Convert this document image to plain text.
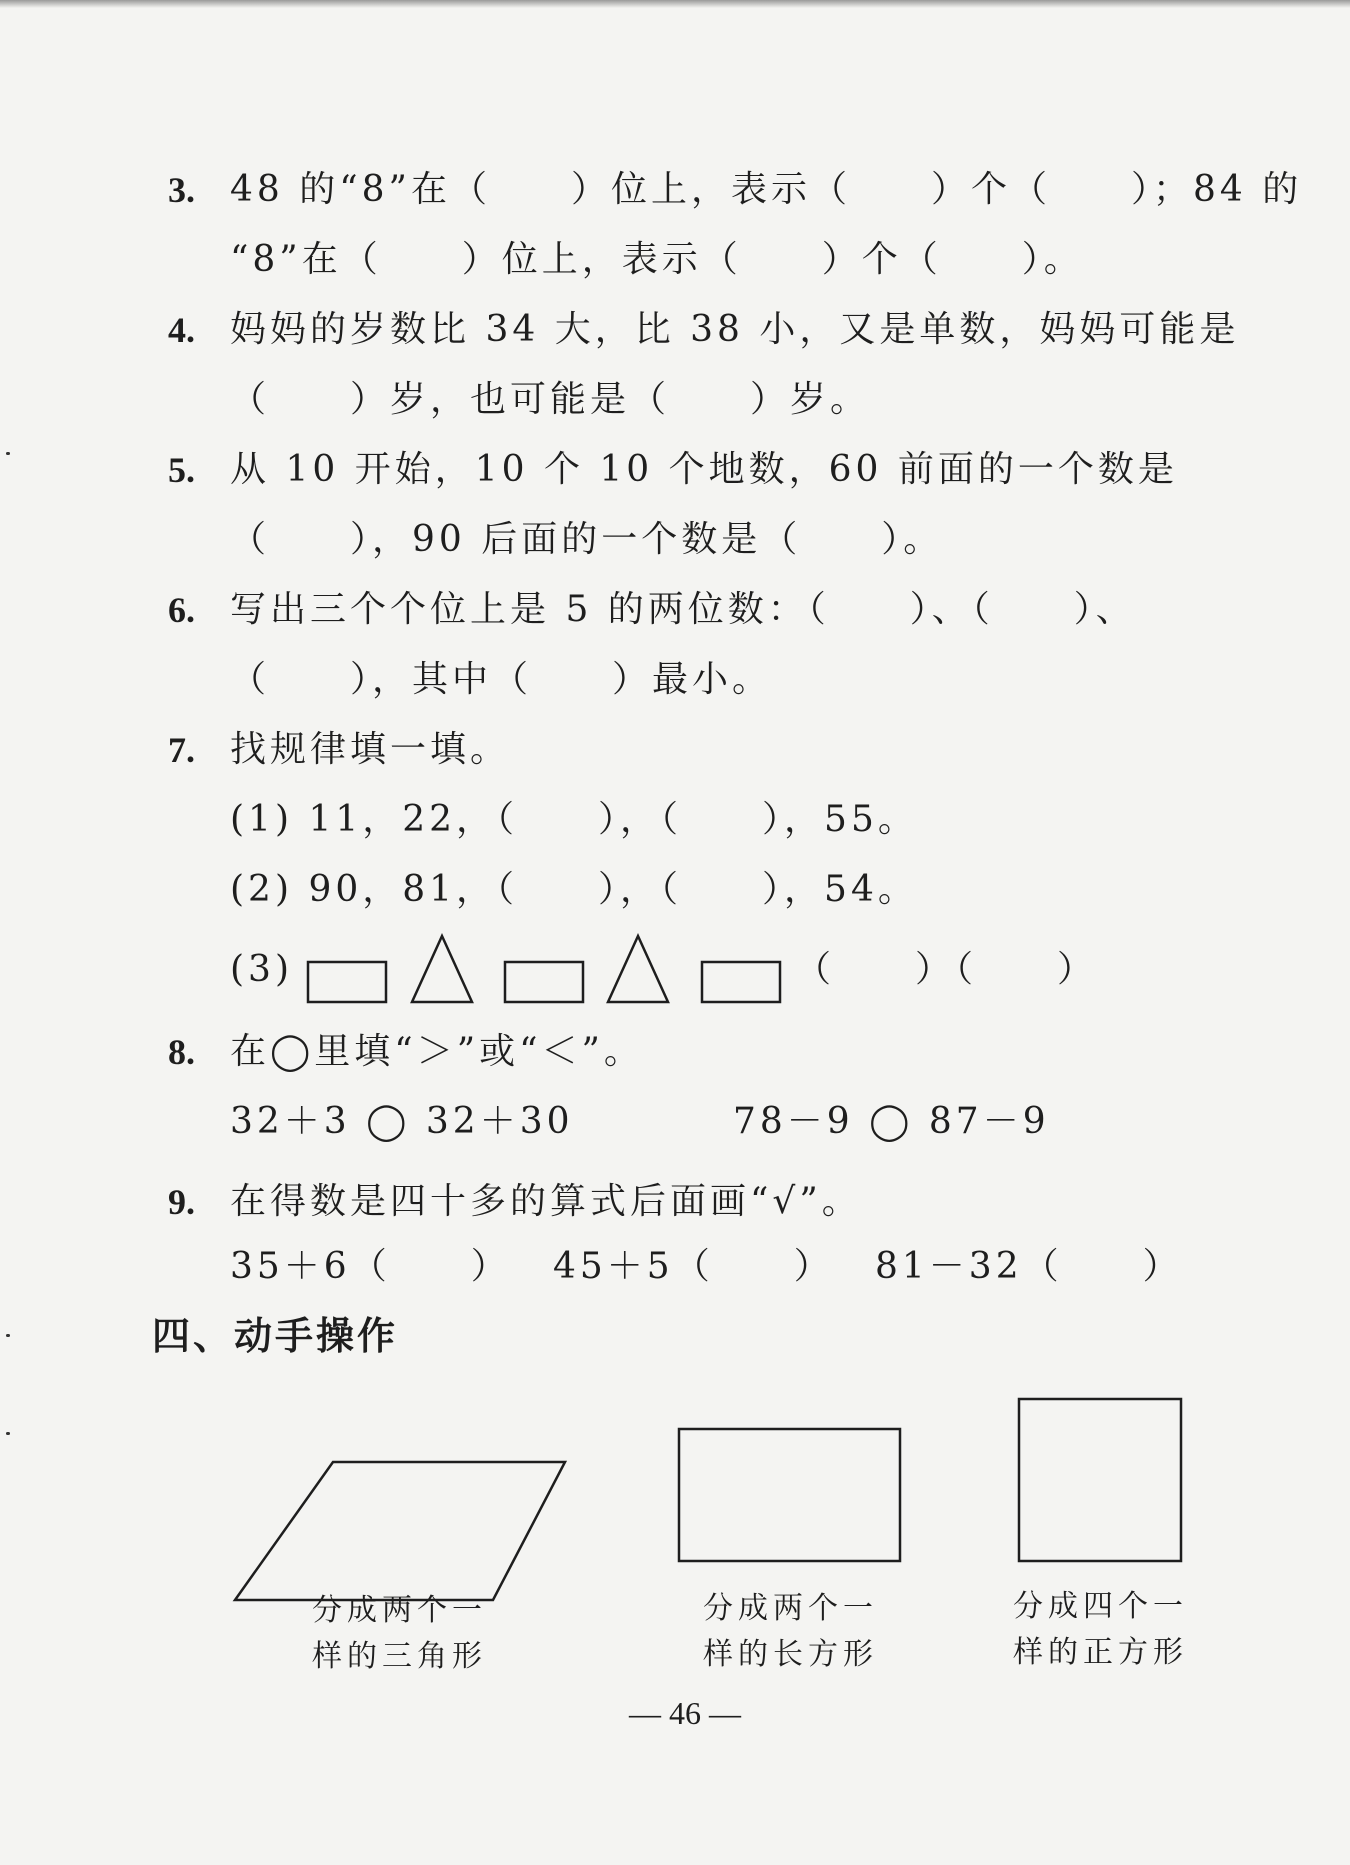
3. 48 的“8”在（　　）位上，表示（　　）个（　　）；84 的
“8”在（　　）位上，表示（　　）个（　　）。
4. 妈妈的岁数比 34 大，比 38 小，又是单数，妈妈可能是
（　　）岁，也可能是（　　）岁。
5. 从 10 开始，10 个 10 个地数，60 前面的一个数是
（　　），90 后面的一个数是（　　）。
6. 写出三个个位上是 5 的两位数：（　　）、（　　）、
（　　），其中（　　）最小。
7. 找规律填一填。
(1) 11，22，（　　），（　　），55。
(2) 90，81，（　　），（　　），54。
(3)	（　　）（　　）
8. 在◯里填“＞”或“＜”。
32＋3 ◯ 32＋30	78－9 ◯ 87－9
9. 在得数是四十多的算式后面画“√”。
35＋6（　　） 45＋5（　　） 81－32（　　）
四、动手操作
分成两个一
样的三角形
分成两个一
样的长方形
分成四个一
样的正方形
— 46 —
